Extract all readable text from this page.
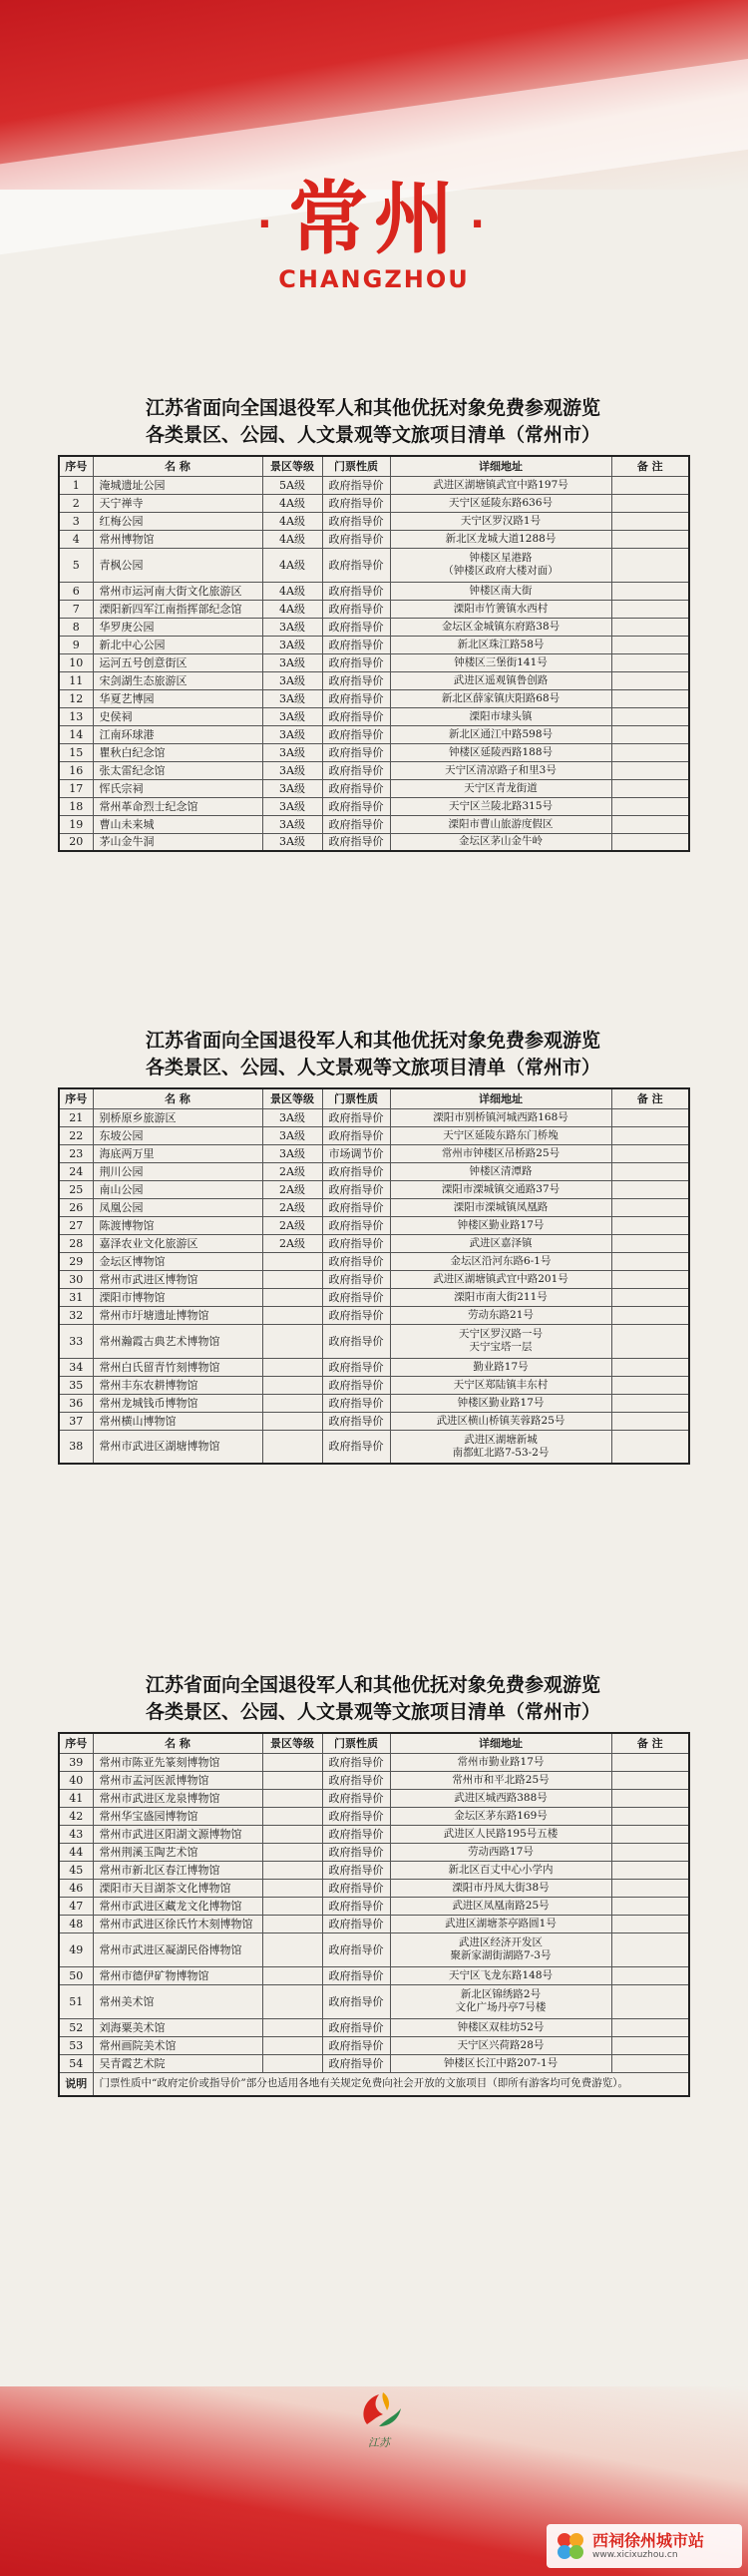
· 常州 ·
CHANGZHOU
江苏省面向全国退役军人和其他优抚对象免费参观游览
各类景区、公园、人文景观等文旅项目清单（常州市）
序号	名 称	景区等级	门票性质	详细地址	备 注
1	淹城遗址公园	5A级	政府指导价	武进区湖塘镇武宜中路197号	
2	天宁禅寺	4A级	政府指导价	天宁区延陵东路636号	
3	红梅公园	4A级	政府指导价	天宁区罗汉路1号	
4	常州博物馆	4A级	政府指导价	新北区龙城大道1288号	
5	青枫公园	4A级	政府指导价	钟楼区星港路
（钟楼区政府大楼对面）	
6	常州市运河南大街文化旅游区	4A级	政府指导价	钟楼区南大街	
7	溧阳新四军江南指挥部纪念馆	4A级	政府指导价	溧阳市竹箦镇水西村	
8	华罗庚公园	3A级	政府指导价	金坛区金城镇东府路38号	
9	新北中心公园	3A级	政府指导价	新北区珠江路58号	
10	运河五号创意街区	3A级	政府指导价	钟楼区三堡街141号	
11	宋剑湖生态旅游区	3A级	政府指导价	武进区遥观镇鲁创路	
12	华夏艺博园	3A级	政府指导价	新北区薛家镇庆阳路68号	
13	史侯祠	3A级	政府指导价	溧阳市埭头镇	
14	江南环球港	3A级	政府指导价	新北区通江中路598号	
15	瞿秋白纪念馆	3A级	政府指导价	钟楼区延陵西路188号	
16	张太雷纪念馆	3A级	政府指导价	天宁区清凉路子和里3号	
17	恽氏宗祠	3A级	政府指导价	天宁区青龙街道	
18	常州革命烈士纪念馆	3A级	政府指导价	天宁区兰陵北路315号	
19	曹山未来城	3A级	政府指导价	溧阳市曹山旅游度假区	
20	茅山金牛洞	3A级	政府指导价	金坛区茅山金牛岭	
江苏省面向全国退役军人和其他优抚对象免费参观游览
各类景区、公园、人文景观等文旅项目清单（常州市）
序号	名 称	景区等级	门票性质	详细地址	备 注
21	别桥原乡旅游区	3A级	政府指导价	溧阳市别桥镇河城西路168号	
22	东坡公园	3A级	政府指导价	天宁区延陵东路东门桥堍	
23	海底两万里	3A级	市场调节价	常州市钟楼区吊桥路25号	
24	荆川公园	2A级	政府指导价	钟楼区清潭路	
25	南山公园	2A级	政府指导价	溧阳市溧城镇交通路37号	
26	凤凰公园	2A级	政府指导价	溧阳市溧城镇凤凰路	
27	陈渡博物馆	2A级	政府指导价	钟楼区勤业路17号	
28	嘉泽农业文化旅游区	2A级	政府指导价	武进区嘉泽镇	
29	金坛区博物馆		政府指导价	金坛区沿河东路6-1号	
30	常州市武进区博物馆		政府指导价	武进区湖塘镇武宜中路201号	
31	溧阳市博物馆		政府指导价	溧阳市南大街211号	
32	常州市圩塘遗址博物馆		政府指导价	劳动东路21号	
33	常州瀚霞古典艺术博物馆		政府指导价	天宁区罗汉路一号
天宁宝塔一层	
34	常州白氏留青竹刻博物馆		政府指导价	勤业路17号	
35	常州丰东农耕博物馆		政府指导价	天宁区郑陆镇丰东村	
36	常州龙城钱币博物馆		政府指导价	钟楼区勤业路17号	
37	常州横山博物馆		政府指导价	武进区横山桥镇芙蓉路25号	
38	常州市武进区湖塘博物馆		政府指导价	武进区湖塘新城
南都虹北路7-53-2号	
江苏省面向全国退役军人和其他优抚对象免费参观游览
各类景区、公园、人文景观等文旅项目清单（常州市）
序号	名 称	景区等级	门票性质	详细地址	备 注
39	常州市陈亚先篆刻博物馆		政府指导价	常州市勤业路17号	
40	常州市孟河医派博物馆		政府指导价	常州市和平北路25号	
41	常州市武进区龙泉博物馆		政府指导价	武进区城西路388号	
42	常州华宝盛园博物馆		政府指导价	金坛区茅东路169号	
43	常州市武进区阳湖文源博物馆		政府指导价	武进区人民路195号五楼	
44	常州荆溪玉陶艺术馆		政府指导价	劳动西路17号	
45	常州市新北区春江博物馆		政府指导价	新北区百丈中心小学内	
46	溧阳市天目湖茶文化博物馆		政府指导价	溧阳市丹凤大街38号	
47	常州市武进区藏龙文化博物馆		政府指导价	武进区凤凰南路25号	
48	常州市武进区徐氏竹木刻博物馆		政府指导价	武进区湖塘茶亭路圆1号	
49	常州市武进区凝湖民俗博物馆		政府指导价	武进区经济开发区
聚新家湖街湖路7-3号	
50	常州市德伊矿物博物馆		政府指导价	天宁区飞龙东路148号	
51	常州美术馆		政府指导价	新北区锦绣路2号
文化广场丹亭7号楼	
52	刘海粟美术馆		政府指导价	钟楼区双桂坊52号	
53	常州画院美术馆		政府指导价	天宁区兴荷路28号	
54	吴青霞艺术院		政府指导价	钟楼区长江中路207-1号	
说明	门票性质中“政府定价或指导价”部分也适用各地有关规定免费向社会开放的文旅项目（即所有游客均可免费游览）。				
江苏
西祠徐州城市站
www.xicixuzhou.cn
